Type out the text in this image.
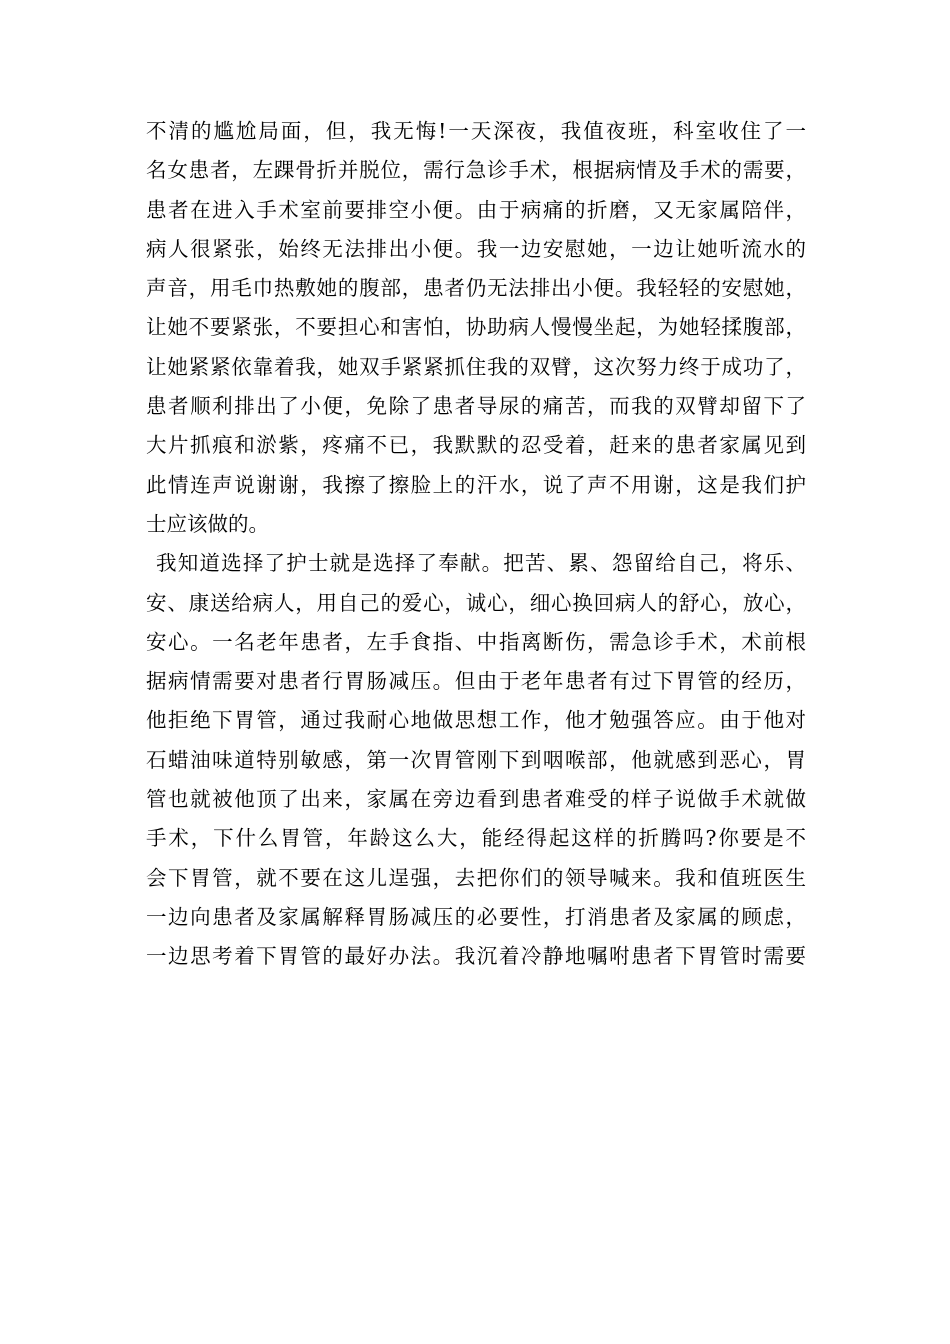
不清的尴尬局面，但，我无悔!一天深夜，我值夜班，科室收住了一
名女患者，左踝骨折并脱位，需行急诊手术，根据病情及手术的需要，
患者在进入手术室前要排空小便。由于病痛的折磨，又无家属陪伴，
病人很紧张，始终无法排出小便。我一边安慰她，一边让她听流水的
声音，用毛巾热敷她的腹部，患者仍无法排出小便。我轻轻的安慰她，
让她不要紧张，不要担心和害怕，协助病人慢慢坐起，为她轻揉腹部，
让她紧紧依靠着我，她双手紧紧抓住我的双臂，这次努力终于成功了，
患者顺利排出了小便，免除了患者导尿的痛苦，而我的双臂却留下了
大片抓痕和淤紫，疼痛不已，我默默的忍受着，赶来的患者家属见到
此情连声说谢谢，我擦了擦脸上的汗水，说了声不用谢，这是我们护
士应该做的。
我知道选择了护士就是选择了奉献。把苦、累、怨留给自己，将乐、
安、康送给病人，用自己的爱心，诚心，细心换回病人的舒心，放心，
安心。一名老年患者，左手食指、中指离断伤，需急诊手术，术前根
据病情需要对患者行胃肠减压。但由于老年患者有过下胃管的经历，
他拒绝下胃管，通过我耐心地做思想工作，他才勉强答应。由于他对
石蜡油味道特别敏感，第一次胃管刚下到咽喉部，他就感到恶心，胃
管也就被他顶了出来，家属在旁边看到患者难受的样子说做手术就做
手术，下什么胃管，年龄这么大，能经得起这样的折腾吗?你要是不
会下胃管，就不要在这儿逞强，去把你们的领导喊来。我和值班医生
一边向患者及家属解释胃肠减压的必要性，打消患者及家属的顾虑，
一边思考着下胃管的最好办法。我沉着冷静地嘱咐患者下胃管时需要
